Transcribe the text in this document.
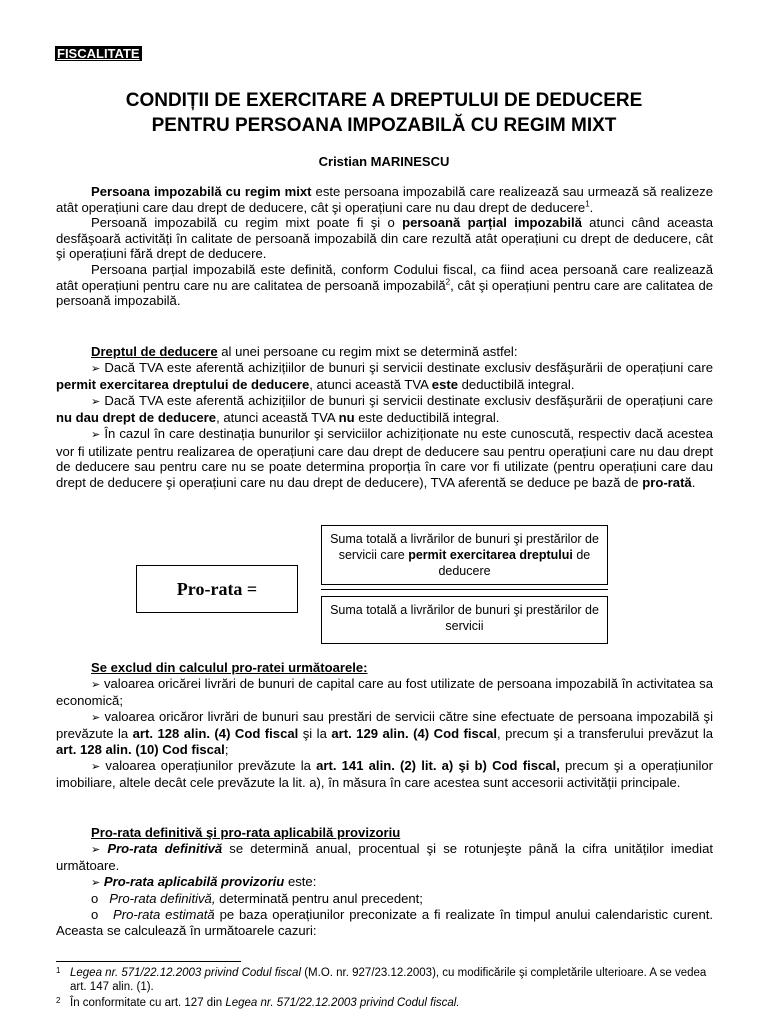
FISCALITATE
CONDIȚII DE EXERCITARE A DREPTULUI DE DEDUCERE
PENTRU PERSOANA IMPOZABILĂ CU REGIM MIXT
Cristian MARINESCU
Persoana impozabilă cu regim mixt este persoana impozabilă care realizează sau urmează să realizeze atât operațiuni care dau drept de deducere, cât şi operațiuni care nu dau drept de deducere$^1$.
Persoană impozabilă cu regim mixt poate fi şi o persoană parțial impozabilă atunci când aceasta desfăşoară activități în calitate de persoană impozabilă din care rezultă atât operațiuni cu drept de deducere, cât şi operațiuni fără drept de deducere.
Persoana parțial impozabilă este definită, conform Codului fiscal, ca fiind acea persoană care realizează atât operațiuni pentru care nu are calitatea de persoană impozabilă$^2$, cât şi operațiuni pentru care are calitatea de persoană impozabilă.
Dreptul de deducere al unei persoane cu regim mixt se determină astfel:
➢ Dacă TVA este aferentă achizițiilor de bunuri şi servicii destinate exclusiv desfăşurării de operațiuni care permit exercitarea dreptului de deducere, atunci această TVA este deductibilă integral.
➢ Dacă TVA este aferentă achizițiilor de bunuri şi servicii destinate exclusiv desfăşurării de operațiuni care nu dau drept de deducere, atunci această TVA nu este deductibilă integral.
➢ În cazul în care destinația bunurilor şi serviciilor achiziționate nu este cunoscută, respectiv dacă acestea vor fi utilizate pentru realizarea de operațiuni care dau drept de deducere sau pentru operațiuni care nu dau drept de deducere sau pentru care nu se poate determina proporția în care vor fi utilizate (pentru operațiuni care dau drept de deducere şi operațiuni care nu dau drept de deducere), TVA aferentă se deduce pe bază de pro-rată.
Pro-rata =
Suma totală a livrărilor de bunuri şi prestărilor de servicii care permit exercitarea dreptului de deducere
Suma totală a livrărilor de bunuri şi prestărilor de servicii
Se exclud din calculul pro-ratei următoarele:
➢ valoarea oricărei livrări de bunuri de capital care au fost utilizate de persoana impozabilă în activitatea sa economică;
➢ valoarea oricăror livrări de bunuri sau prestări de servicii către sine efectuate de persoana impozabilă şi prevăzute la art. 128 alin. (4) Cod fiscal şi la art. 129 alin. (4) Cod fiscal, precum şi a transferului prevăzut la art. 128 alin. (10) Cod fiscal;
➢ valoarea operațiunilor prevăzute la art. 141 alin. (2) lit. a) şi b) Cod fiscal, precum şi a operațiunilor imobiliare, altele decât cele prevăzute la lit. a), în măsura în care acestea sunt accesorii activității principale.
Pro-rata definitivă şi pro-rata aplicabilă provizoriu
➢ Pro-rata definitivă se determină anual, procentual şi se rotunjeşte până la cifra unităților imediat următoare.
➢ Pro-rata aplicabilă provizoriu este:
o Pro-rata definitivă, determinată pentru anul precedent;
o Pro-rata estimată pe baza operațiunilor preconizate a fi realizate în timpul anului calendaristic curent. Aceasta se calculează în următoarele cazuri:
1 Legea nr. 571/22.12.2003 privind Codul fiscal (M.O. nr. 927/23.12.2003), cu modificările şi completările ulterioare. A se vedea art. 147 alin. (1).
2 În conformitate cu art. 127 din Legea nr. 571/22.12.2003 privind Codul fiscal.
